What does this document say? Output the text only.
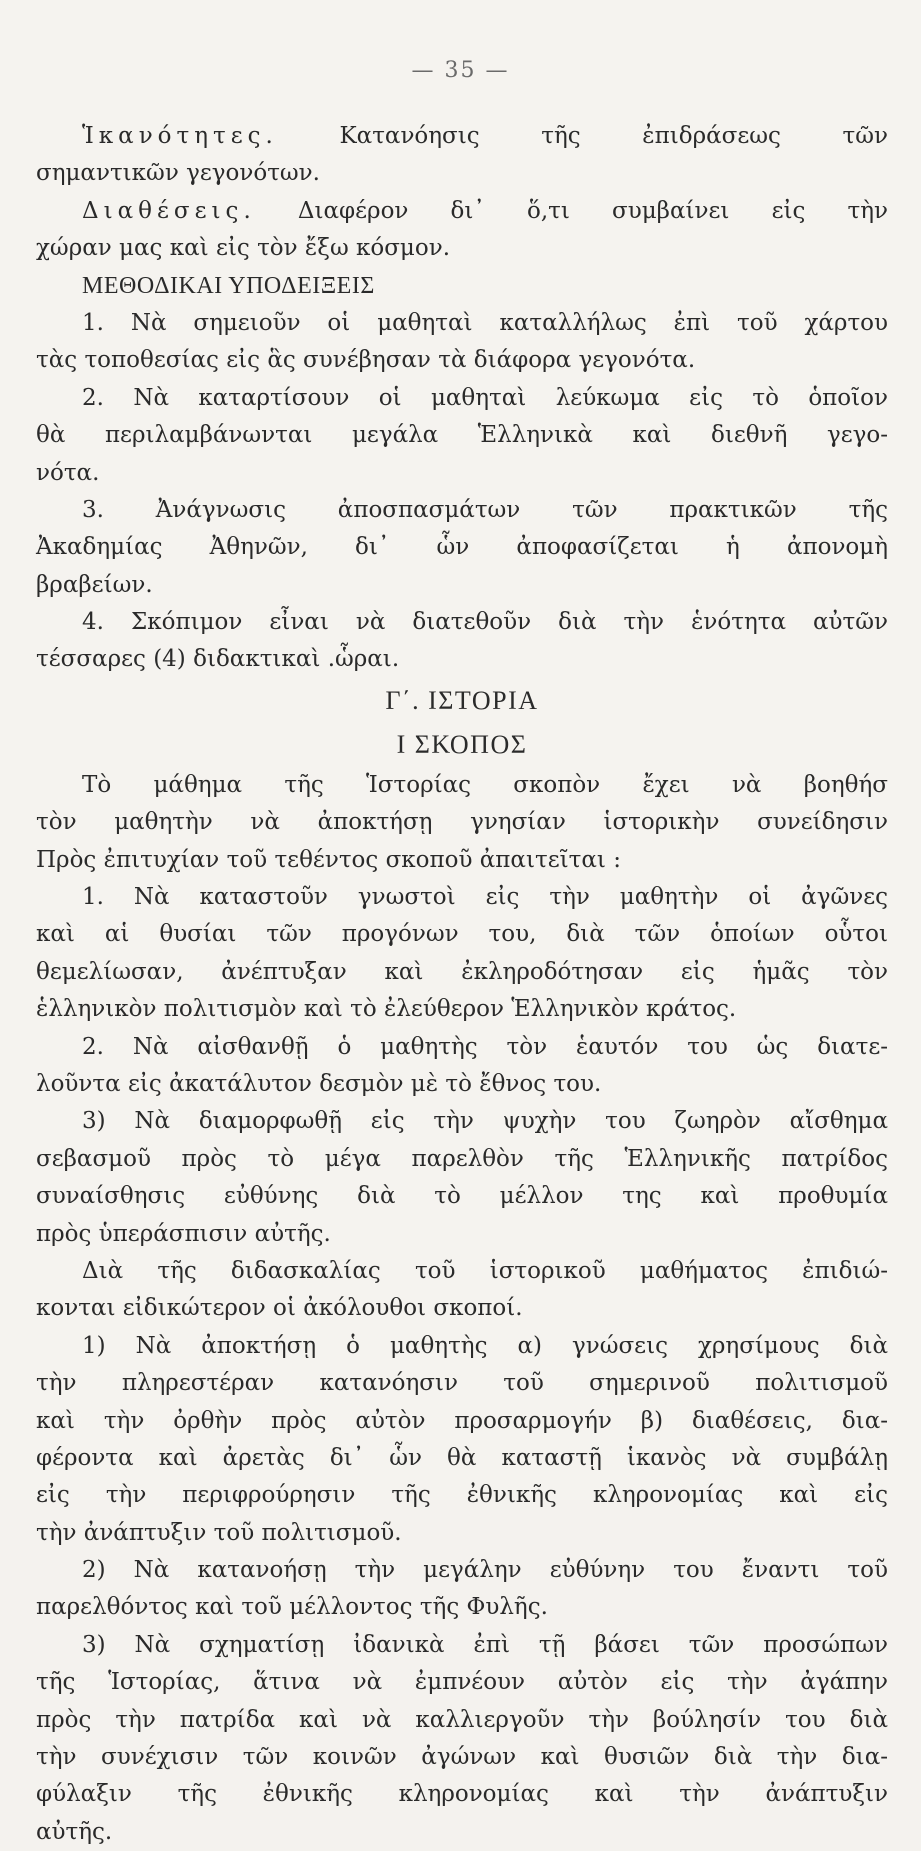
— 35 —
Ἱκανότητες. Κατανόησις τῆς ἐπιδράσεως τῶν
σημαντικῶν γεγονότων.
Διαθέσεις. Διαφέρον δι᾿ ὅ,τι συμβαίνει εἰς τὴν
χώραν μας καὶ εἰς τὸν ἔξω κόσμον.
ΜΕΘΟΔΙΚΑΙ ΥΠΟΔΕΙΞΕΙΣ
1. Νὰ σημειοῦν οἱ μαθηταὶ καταλλήλως ἐπὶ τοῦ χάρτου
τὰς τοποθεσίας εἰς ἃς συνέβησαν τὰ διάφορα γεγονότα.
2. Νὰ καταρτίσουν οἱ μαθηταὶ λεύκωμα εἰς τὸ ὁποῖον
θὰ περιλαμβάνωνται μεγάλα Ἑλληνικὰ καὶ διεθνῆ γεγο-
νότα.
3. Ἀνάγνωσις ἀποσπασμάτων τῶν πρακτικῶν τῆς
Ἀκαδημίας Ἀθηνῶν, δι᾿ ὧν ἀποφασίζεται ἡ ἀπονομὴ
βραβείων.
4. Σκόπιμον εἶναι νὰ διατεθοῦν διὰ τὴν ἑνότητα αὐτῶν
τέσσαρες (4) διδακτικαὶ .ὧραι.
Γ΄. ΙΣΤΟΡΙΑ
Ι ΣΚΟΠΟΣ
Τὸ μάθημα τῆς Ἱστορίας σκοπὸν ἔχει νὰ βοηθήσ
τὸν μαθητὴν νὰ ἀποκτήσῃ γνησίαν ἱστορικὴν συνείδησιν
Πρὸς ἐπιτυχίαν τοῦ τεθέντος σκοποῦ ἀπαιτεῖται :
1. Νὰ καταστοῦν γνωστοὶ εἰς τὴν μαθητὴν οἱ ἀγῶνες
καὶ αἱ θυσίαι τῶν προγόνων του, διὰ τῶν ὁποίων οὗτοι
θεμελίωσαν, ἀνέπτυξαν καὶ ἐκληροδότησαν εἰς ἡμᾶς τὸν
ἑλληνικὸν πολιτισμὸν καὶ τὸ ἐλεύθερον Ἑλληνικὸν κράτος.
2. Νὰ αἰσθανθῇ ὁ μαθητὴς τὸν ἑαυτόν του ὡς διατε-
λοῦντα εἰς ἀκατάλυτον δεσμὸν μὲ τὸ ἔθνος του.
3) Νὰ διαμορφωθῇ εἰς τὴν ψυχὴν του ζωηρὸν αἴσθημα
σεβασμοῦ πρὸς τὸ μέγα παρελθὸν τῆς Ἑλληνικῆς πατρίδος
συναίσθησις εὐθύνης διὰ τὸ μέλλον της καὶ προθυμία
πρὸς ὑπεράσπισιν αὐτῆς.
Διὰ τῆς διδασκαλίας τοῦ ἱστορικοῦ μαθήματος ἐπιδιώ-
κονται εἰδικώτερον οἱ ἀκόλουθοι σκοποί.
1) Νὰ ἀποκτήσῃ ὁ μαθητὴς α) γνώσεις χρησίμους διὰ
τὴν πληρεστέραν κατανόησιν τοῦ σημερινοῦ πολιτισμοῦ
καὶ τὴν ὀρθὴν πρὸς αὐτὸν προσαρμογήν β) διαθέσεις, δια-
φέροντα καὶ ἀρετὰς δι᾿ ὧν θὰ καταστῇ ἱκανὸς νὰ συμβάλῃ
εἰς τὴν περιφρούρησιν τῆς ἐθνικῆς κληρονομίας καὶ εἰς
τὴν ἀνάπτυξιν τοῦ πολιτισμοῦ.
2) Νὰ κατανοήσῃ τὴν μεγάλην εὐθύνην του ἔναντι τοῦ
παρελθόντος καὶ τοῦ μέλλοντος τῆς Φυλῆς.
3) Νὰ σχηματίσῃ ἰδανικὰ ἐπὶ τῇ βάσει τῶν προσώπων
τῆς Ἱστορίας, ἅτινα νὰ ἐμπνέουν αὐτὸν εἰς τὴν ἀγάπην
πρὸς τὴν πατρίδα καὶ νὰ καλλιεργοῦν τὴν βούλησίν του διὰ
τὴν συνέχισιν τῶν κοινῶν ἀγώνων καὶ θυσιῶν διὰ τὴν δια-
φύλαξιν τῆς ἐθνικῆς κληρονομίας καὶ τὴν ἀνάπτυξιν
αὐτῆς.
